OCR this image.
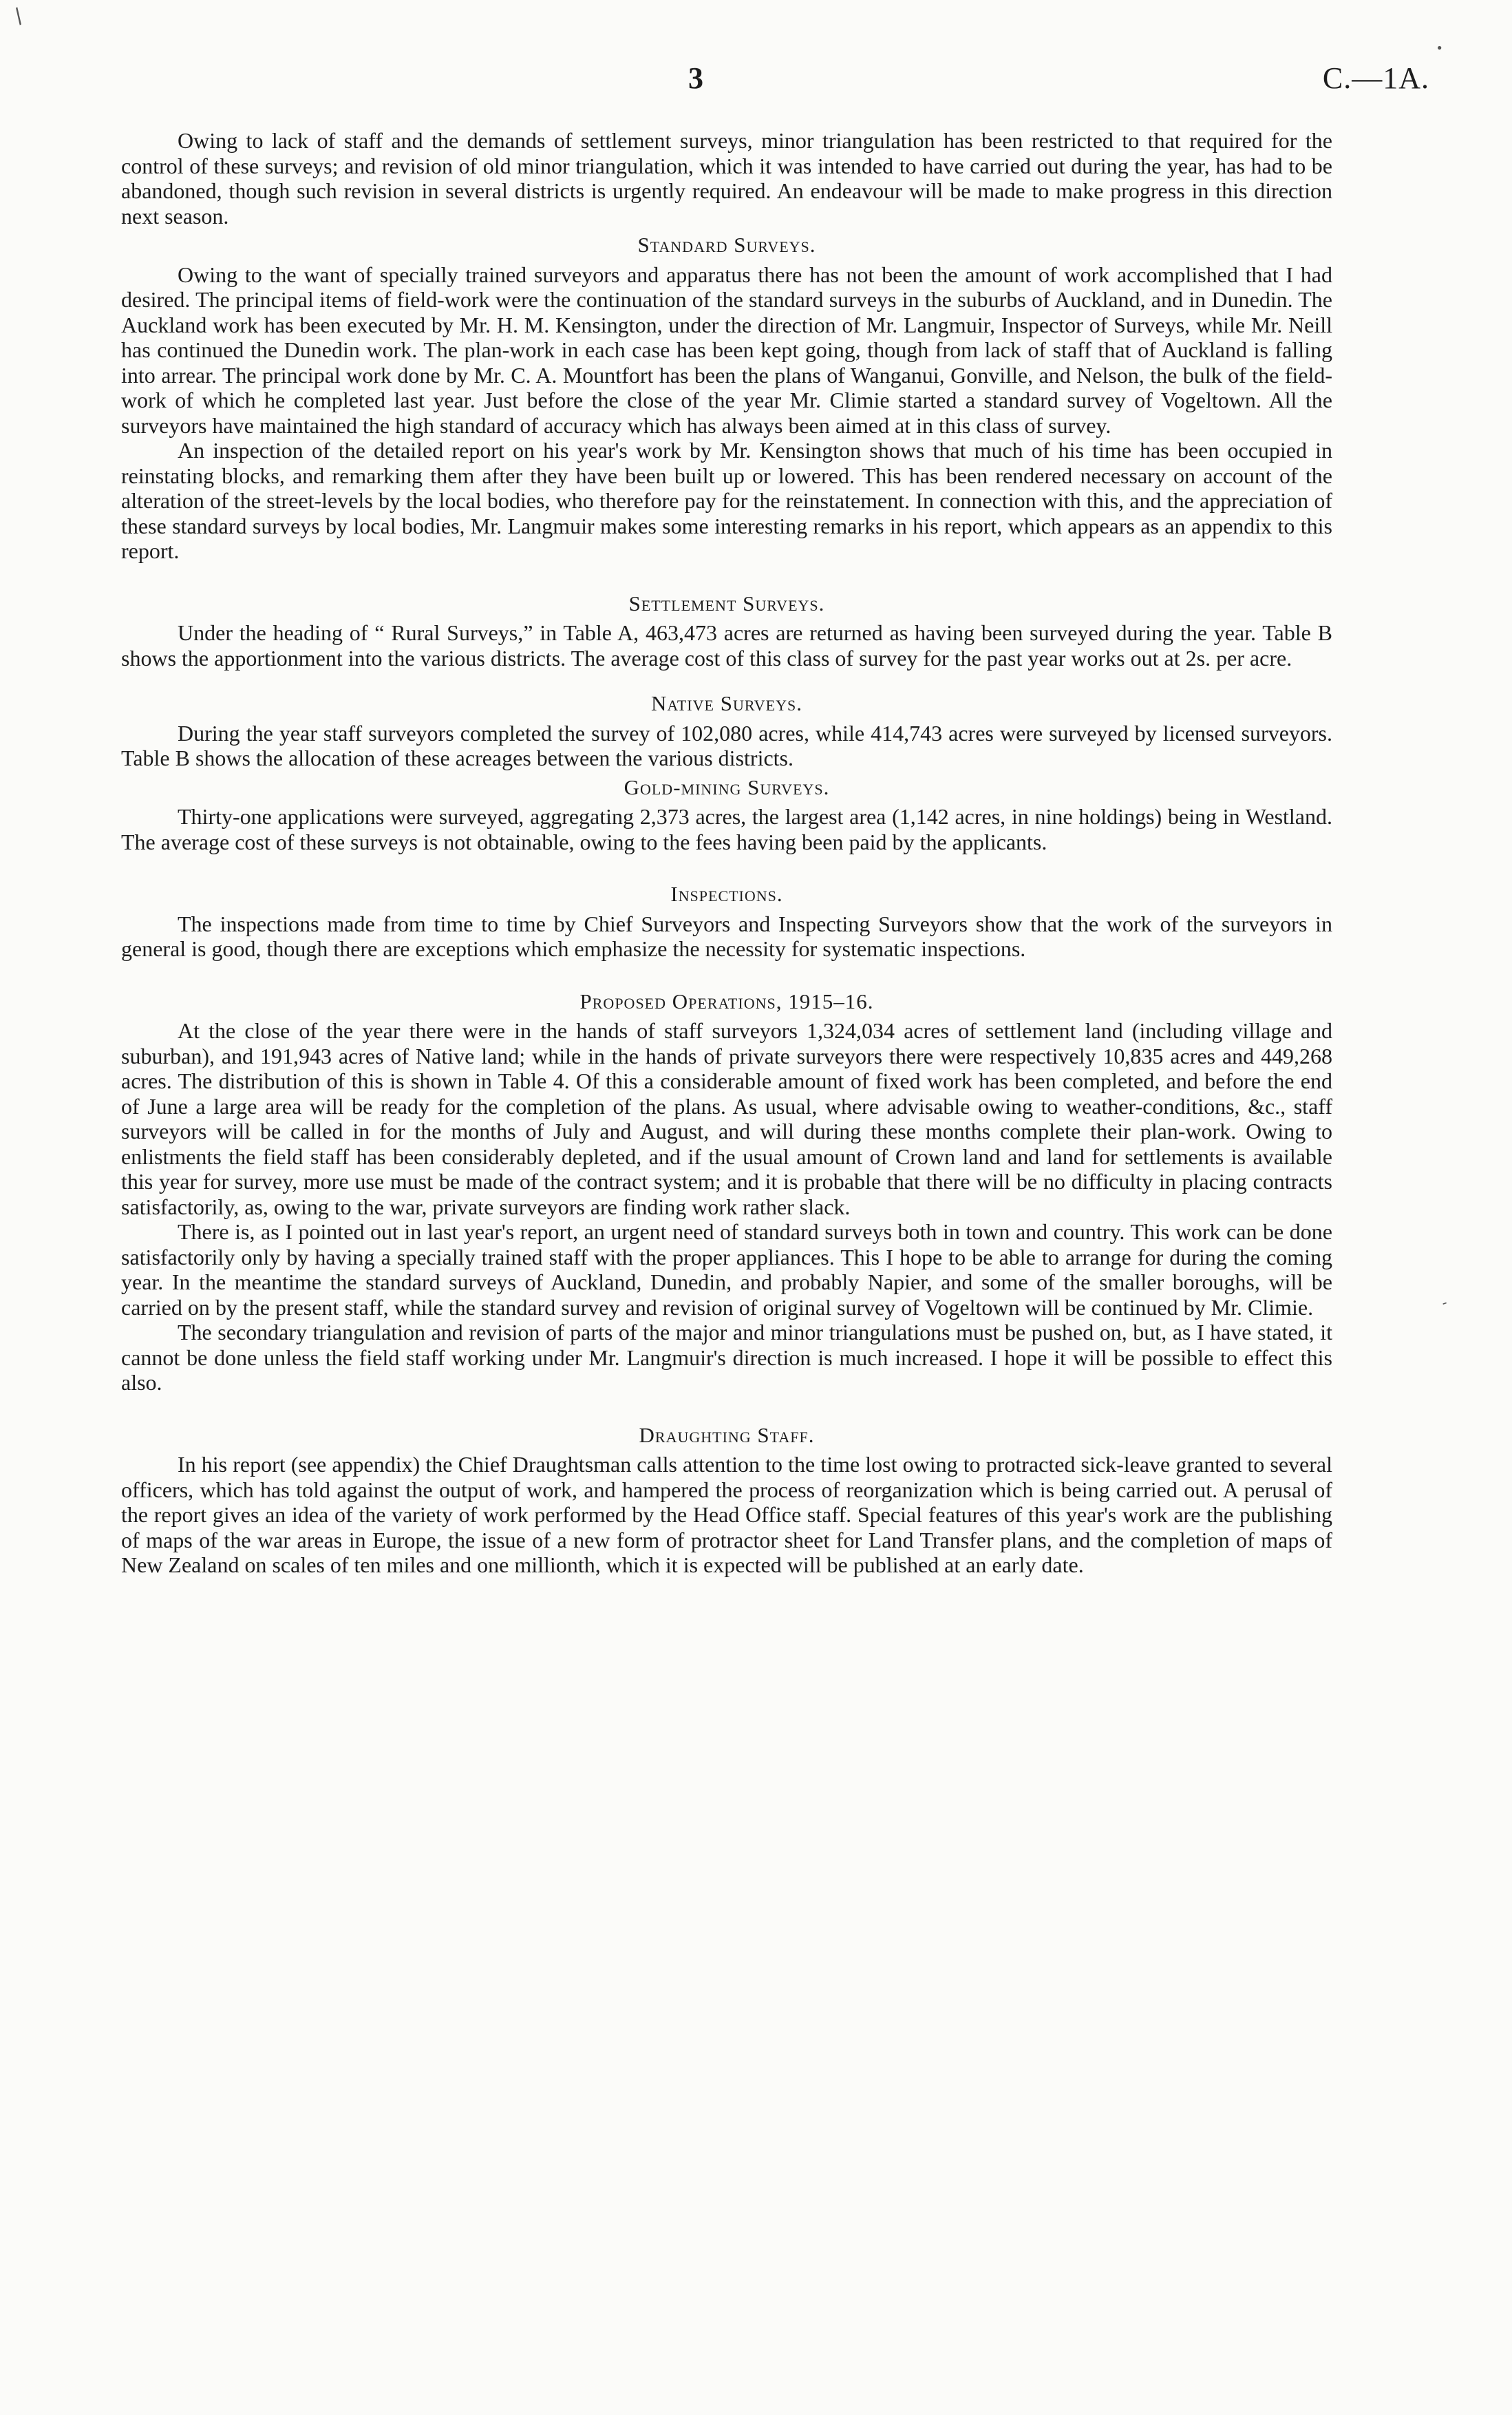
/
•
3	C.—1A.

Owing to lack of staff and the demands of settlement surveys, minor triangulation has been restricted to that required for the control of these surveys; and revision of old minor triangulation, which it was intended to have carried out during the year, has had to be abandoned, though such revision in several districts is urgently required. An endeavour will be made to make progress in this direction next season.

Standard Surveys.

Owing to the want of specially trained surveyors and apparatus there has not been the amount of work accomplished that I had desired. The principal items of field-work were the continuation of the standard surveys in the suburbs of Auckland, and in Dunedin. The Auckland work has been executed by Mr. H. M. Kensington, under the direction of Mr. Langmuir, Inspector of Surveys, while Mr. Neill has continued the Dunedin work. The plan-work in each case has been kept going, though from lack of staff that of Auckland is falling into arrear. The principal work done by Mr. C. A. Mountfort has been the plans of Wanganui, Gonville, and Nelson, the bulk of the field-work of which he completed last year. Just before the close of the year Mr. Climie started a standard survey of Vogeltown. All the surveyors have maintained the high standard of accuracy which has always been aimed at in this class of survey.

An inspection of the detailed report on his year's work by Mr. Kensington shows that much of his time has been occupied in reinstating blocks, and remarking them after they have been built up or lowered. This has been rendered necessary on account of the alteration of the street-levels by the local bodies, who therefore pay for the reinstatement. In connection with this, and the appreciation of these standard surveys by local bodies, Mr. Langmuir makes some interesting remarks in his report, which appears as an appendix to this report.

Settlement Surveys.

Under the heading of “ Rural Surveys,” in Table A, 463,473 acres are returned as having been surveyed during the year. Table B shows the apportionment into the various districts. The average cost of this class of survey for the past year works out at 2s. per acre.

Native Surveys.

During the year staff surveyors completed the survey of 102,080 acres, while 414,743 acres were surveyed by licensed surveyors. Table B shows the allocation of these acreages between the various districts.

Gold-mining Surveys.

Thirty-one applications were surveyed, aggregating 2,373 acres, the largest area (1,142 acres, in nine holdings) being in Westland. The average cost of these surveys is not obtainable, owing to the fees having been paid by the applicants.

Inspections.

The inspections made from time to time by Chief Surveyors and Inspecting Surveyors show that the work of the surveyors in general is good, though there are exceptions which emphasize the necessity for systematic inspections.

Proposed Operations, 1915–16.

At the close of the year there were in the hands of staff surveyors 1,324,034 acres of settlement land (including village and suburban), and 191,943 acres of Native land; while in the hands of private surveyors there were respectively 10,835 acres and 449,268 acres. The distribution of this is shown in Table 4. Of this a considerable amount of fixed work has been completed, and before the end of June a large area will be ready for the completion of the plans. As usual, where advisable owing to weather-conditions, &c., staff surveyors will be called in for the months of July and August, and will during these months complete their plan-work. Owing to enlistments the field staff has been considerably depleted, and if the usual amount of Crown land and land for settlements is available this year for survey, more use must be made of the contract system; and it is probable that there will be no difficulty in placing contracts satisfactorily, as, owing to the war, private surveyors are finding work rather slack.

There is, as I pointed out in last year's report, an urgent need of standard surveys both in town and country. This work can be done satisfactorily only by having a specially trained staff with the proper appliances. This I hope to be able to arrange for during the coming year. In the meantime the standard surveys of Auckland, Dunedin, and probably Napier, and some of the smaller boroughs, will be carried on by the present staff, while the standard survey and revision of original survey of Vogeltown will be continued by Mr. Climie.

The secondary triangulation and revision of parts of the major and minor triangulations must be pushed on, but, as I have stated, it cannot be done unless the field staff working under Mr. Langmuir's direction is much increased. I hope it will be possible to effect this also.

Draughting Staff.

In his report (see appendix) the Chief Draughtsman calls attention to the time lost owing to protracted sick-leave granted to several officers, which has told against the output of work, and hampered the process of reorganization which is being carried out. A perusal of the report gives an idea of the variety of work performed by the Head Office staff. Special features of this year's work are the publishing of maps of the war areas in Europe, the issue of a new form of protractor sheet for Land Transfer plans, and the completion of maps of New Zealand on scales of ten miles and one millionth, which it is expected will be published at an early date.

-
